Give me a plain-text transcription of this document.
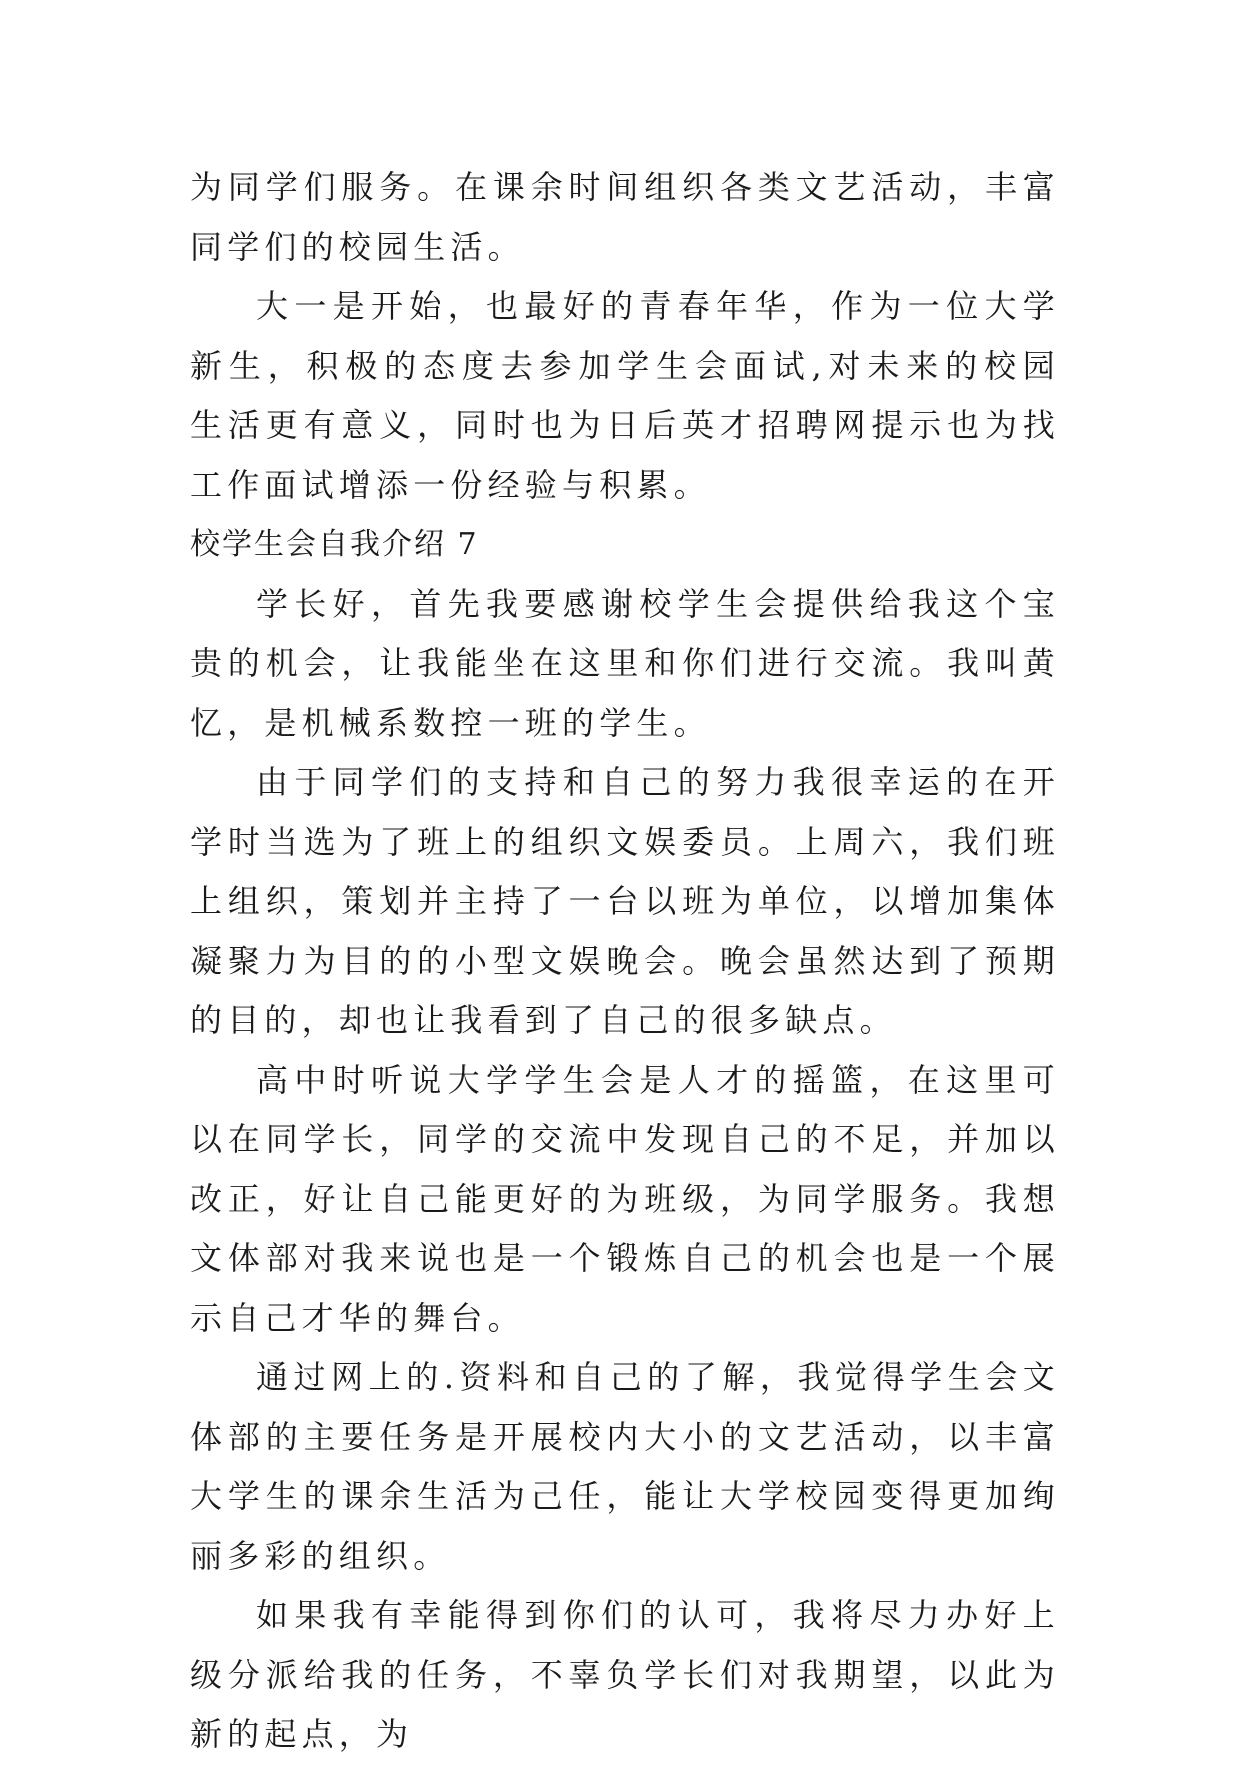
为同学们服务。在课余时间组织各类文艺活动，丰富同学们的校园生活。

大一是开始，也最好的青春年华，作为一位大学新生，积极的态度去参加学生会面试,对未来的校园生活更有意义，同时也为日后英才招聘网提示也为找工作面试增添一份经验与积累。

校学生会自我介绍 7

学长好，首先我要感谢校学生会提供给我这个宝贵的机会，让我能坐在这里和你们进行交流。我叫黄忆，是机械系数控一班的学生。

由于同学们的支持和自己的努力我很幸运的在开学时当选为了班上的组织文娱委员。上周六，我们班上组织，策划并主持了一台以班为单位，以增加集体凝聚力为目的的小型文娱晚会。晚会虽然达到了预期的目的，却也让我看到了自己的很多缺点。

高中时听说大学学生会是人才的摇篮，在这里可以在同学长，同学的交流中发现自己的不足，并加以改正，好让自己能更好的为班级，为同学服务。我想文体部对我来说也是一个锻炼自己的机会也是一个展示自己才华的舞台。

通过网上的.资料和自己的了解，我觉得学生会文体部的主要任务是开展校内大小的文艺活动，以丰富大学生的课余生活为己任，能让大学校园变得更加绚丽多彩的组织。

如果我有幸能得到你们的认可，我将尽力办好上级分派给我的任务，不辜负学长们对我期望，以此为新的起点，为
